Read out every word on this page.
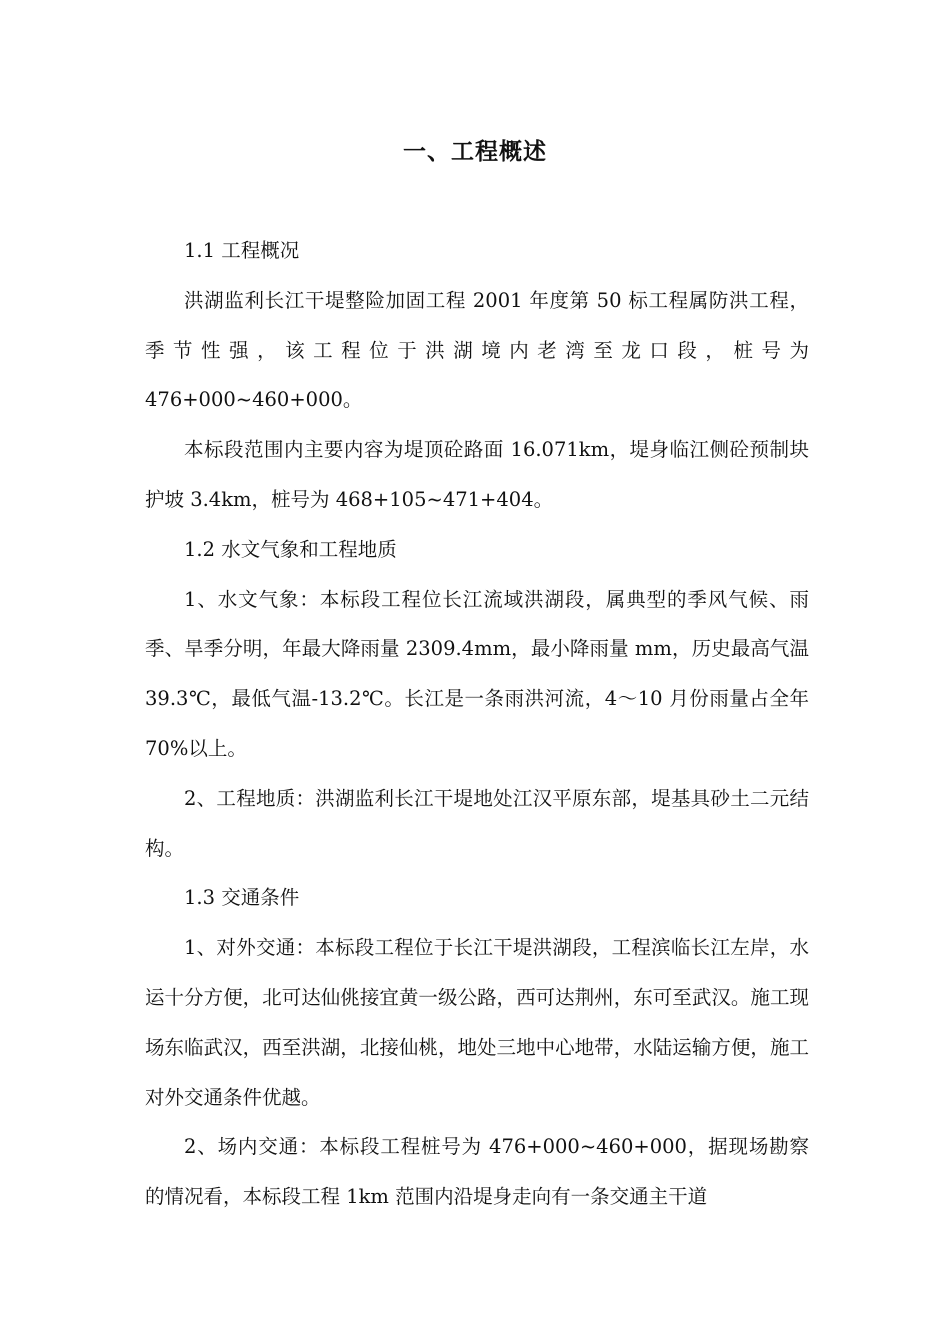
一、工程概述

1.1 工程概况

洪湖监利长江干堤整险加固工程 2001 年度第 50 标工程属防洪工程，季节性强，该工程位于洪湖境内老湾至龙口段，桩号为 476+000~460+000。

本标段范围内主要内容为堤顶砼路面 16.071km，堤身临江侧砼预制块护坡 3.4km，桩号为 468+105~471+404。

1.2 水文气象和工程地质

1、水文气象：本标段工程位长江流域洪湖段，属典型的季风气候、雨季、旱季分明，年最大降雨量 2309.4mm，最小降雨量 mm，历史最高气温 39.3℃，最低气温-13.2℃。长江是一条雨洪河流，4～10 月份雨量占全年 70%以上。

2、工程地质：洪湖监利长江干堤地处江汉平原东部，堤基具砂土二元结构。

1.3 交通条件

1、对外交通：本标段工程位于长江干堤洪湖段，工程滨临长江左岸，水运十分方便，北可达仙佻接宜黄一级公路，西可达荆州，东可至武汉。施工现场东临武汉，西至洪湖，北接仙桃，地处三地中心地带，水陆运输方便，施工对外交通条件优越。

2、场内交通：本标段工程桩号为 476+000~460+000，据现场勘察的情况看，本标段工程 1km 范围内沿堤身走向有一条交通主干道
